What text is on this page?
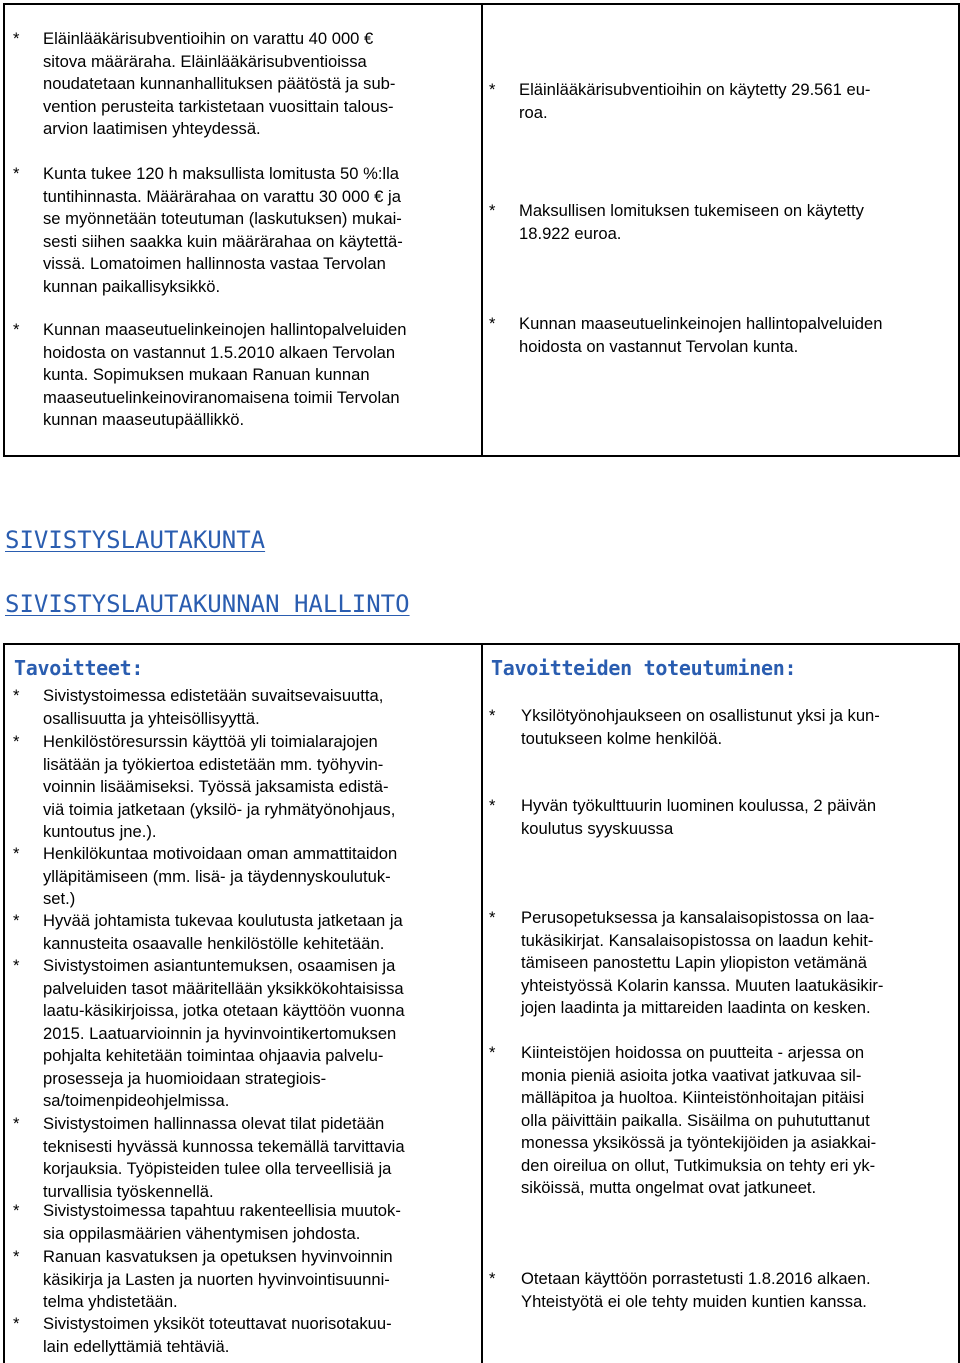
* Eläinlääkärisubventioihin on varattu 40 000 €
sitova määräraha. Eläinlääkärisubventioissa
noudatetaan kunnanhallituksen päätöstä ja sub-
vention perusteita tarkistetaan vuosittain talous-
arvion laatimisen yhteydessä.
* Kunta tukee 120 h maksullista lomitusta 50 %:lla
tuntihinnasta. Määrärahaa on varattu 30 000 € ja
se myönnetään toteutuman (laskutuksen) mukai-
sesti siihen saakka kuin määrärahaa on käytettä-
vissä. Lomatoimen hallinnosta vastaa Tervolan
kunnan paikallisyksikkö.
* Kunnan maaseutuelinkeinojen hallintopalveluiden
hoidosta on vastannut 1.5.2010 alkaen Tervolan
kunta. Sopimuksen mukaan Ranuan kunnan
maaseutuelinkeinoviranomaisena toimii Tervolan
kunnan maaseutupäällikkö.
* Eläinlääkärisubventioihin on käytetty 29.561 eu-
roa.
* Maksullisen lomituksen tukemiseen on käytetty
18.922 euroa.
* Kunnan maaseutuelinkeinojen hallintopalveluiden
hoidosta on vastannut Tervolan kunta.
SIVISTYSLAUTAKUNTA
SIVISTYSLAUTAKUNNAN HALLINTO
Tavoitteet:	Tavoitteiden toteutuminen:
* Sivistystoimessa edistetään suvaitsevaisuutta,
osallisuutta ja yhteisöllisyyttä.
* Henkilöstöresurssin käyttöä yli toimialarajojen
lisätään ja työkiertoa edistetään mm. työhyvin-
voinnin lisäämiseksi. Työssä jaksamista edistä-
viä toimia jatketaan (yksilö- ja ryhmätyönohjaus,
kuntoutus jne.).
* Henkilökuntaa motivoidaan oman ammattitaidon
ylläpitämiseen (mm. lisä- ja täydennyskoulutuk-
set.)
* Hyvää johtamista tukevaa koulutusta jatketaan ja
kannusteita osaavalle henkilöstölle kehitetään.
* Sivistystoimen asiantuntemuksen, osaamisen ja
palveluiden tasot määritellään yksikkökohtaisissa
laatu-käsikirjoissa, jotka otetaan käyttöön vuonna
2015. Laatuarvioinnin ja hyvinvointikertomuksen
pohjalta kehitetään toimintaa ohjaavia palvelu-
prosesseja ja huomioidaan strategiois-
sa/toimenpideohjelmissa.
* Sivistystoimen hallinnassa olevat tilat pidetään
teknisesti hyvässä kunnossa tekemällä tarvittavia
korjauksia. Työpisteiden tulee olla terveellisiä ja
turvallisia työskennellä.
* Sivistystoimessa tapahtuu rakenteellisia muutok-
sia oppilasmäärien vähentymisen johdosta.
* Ranuan kasvatuksen ja opetuksen hyvinvoinnin
käsikirja ja Lasten ja nuorten hyvinvointisuunni-
telma yhdistetään.
* Sivistystoimen yksiköt toteuttavat nuorisotakuu-
lain edellyttämiä tehtäviä.
* Yksilötyönohjaukseen on osallistunut yksi ja kun-
toutukseen kolme henkilöä.
* Hyvän työkulttuurin luominen koulussa, 2 päivän
koulutus syyskuussa
* Perusopetuksessa ja kansalaisopistossa on laa-
tukäsikirjat. Kansalaisopistossa on laadun kehit-
tämiseen panostettu Lapin yliopiston vetämänä
yhteistyössä Kolarin kanssa. Muuten laatukäsikir-
jojen laadinta ja mittareiden laadinta on kesken.
* Kiinteistöjen hoidossa on puutteita - arjessa on
monia pieniä asioita jotka vaativat jatkuvaa sil-
mälläpitoa ja huoltoa. Kiinteistönhoitajan pitäisi
olla päivittäin paikalla. Sisäilma on puhututtanut
monessa yksikössä ja työntekijöiden ja asiakkai-
den oireilua on ollut, Tutkimuksia on tehty eri yk-
siköissä, mutta ongelmat ovat jatkuneet.
* Otetaan käyttöön porrastetusti 1.8.2016 alkaen.
Yhteistyötä ei ole tehty muiden kuntien kanssa.
